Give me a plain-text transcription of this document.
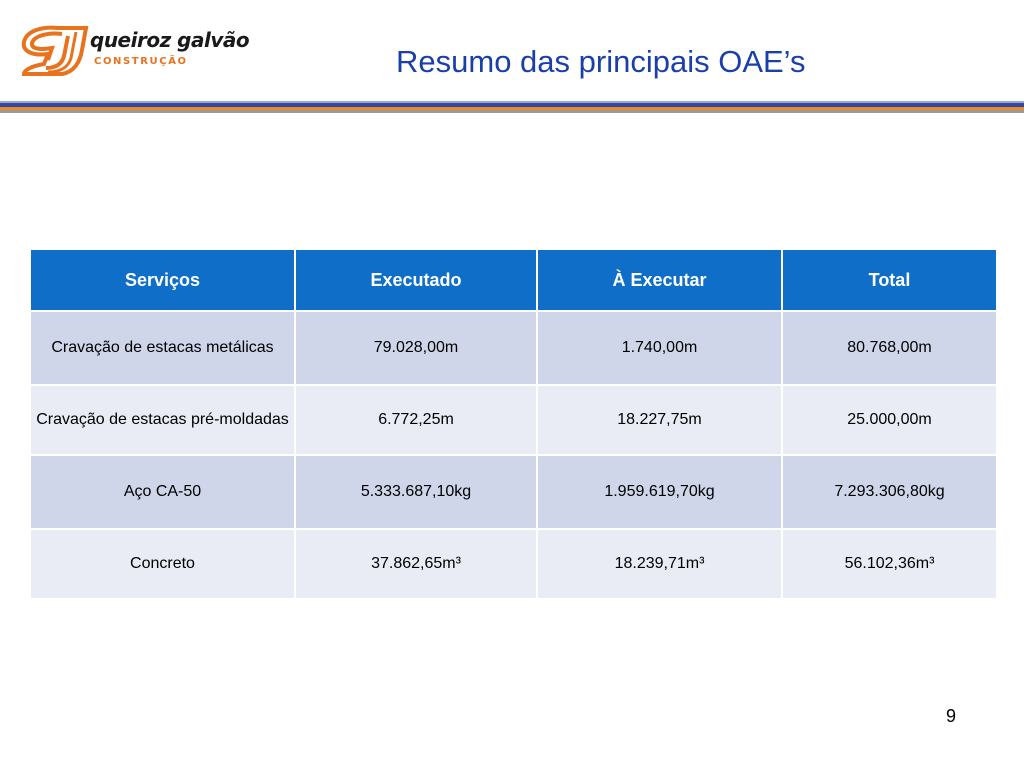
queiroz galvão
CONSTRUÇÃO	Resumo das principais OAE’s
Serviços	Executado	À Executar	Total
Cravação de estacas metálicas	79.028,00m	1.740,00m	80.768,00m
Cravação de estacas pré-moldadas	6.772,25m	18.227,75m	25.000,00m
Aço CA-50	5.333.687,10kg	1.959.619,70kg	7.293.306,80kg
Concreto	37.862,65m³	18.239,71m³	56.102,36m³
9
